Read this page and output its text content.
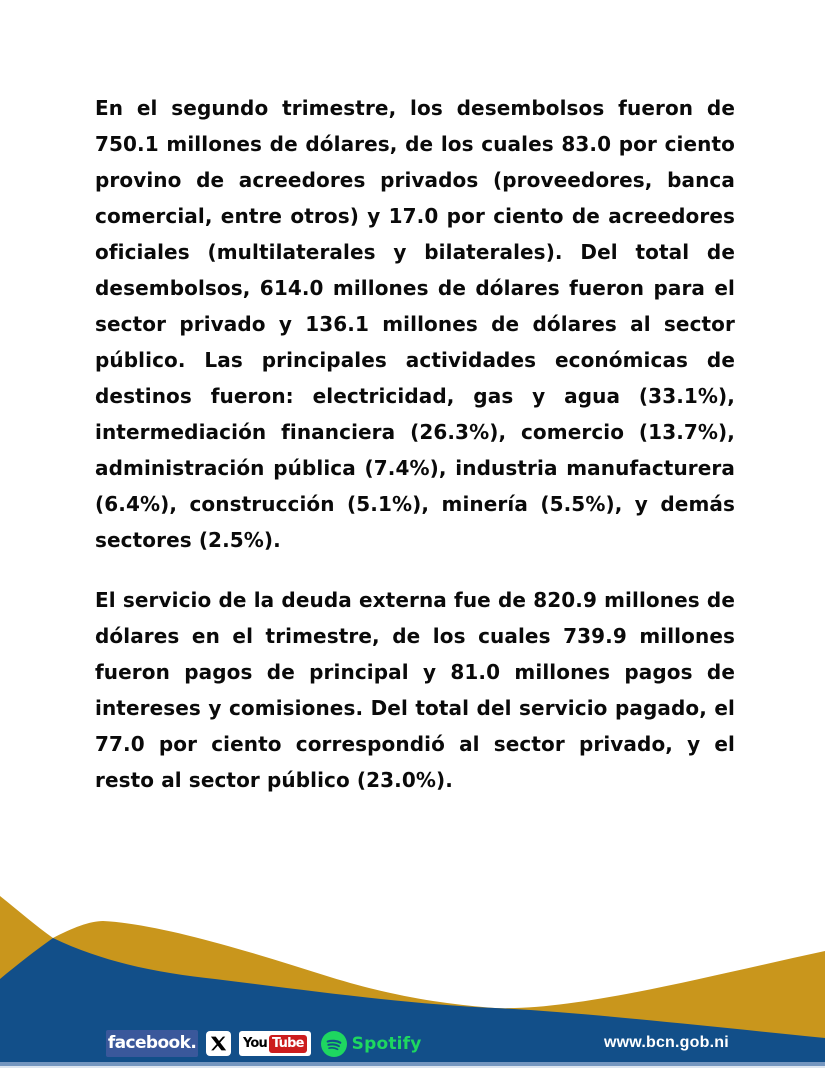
En el segundo trimestre, los desembolsos fueron de 750.1 millones de dólares, de los cuales 83.0 por ciento provino de acreedores privados (proveedores, banca comercial, entre otros) y 17.0 por ciento de acreedores oficiales (multilaterales y bilaterales). Del total de desembolsos, 614.0 millones de dólares fueron para el sector privado y 136.1 millones de dólares al sector público. Las principales actividades económicas de destinos fueron: electricidad, gas y agua (33.1%), intermediación financiera (26.3%), comercio (13.7%), administración pública (7.4%), industria manufacturera (6.4%), construcción (5.1%), minería (5.5%), y demás sectores (2.5%).

El servicio de la deuda externa fue de 820.9 millones de dólares en el trimestre, de los cuales 739.9 millones fueron pagos de principal y 81.0 millones pagos de intereses y comisiones. Del total del servicio pagado, el 77.0 por ciento correspondió al sector privado, y el resto al sector público (23.0%).

facebook.	You Tube	Spotify	www.bcn.gob.ni
